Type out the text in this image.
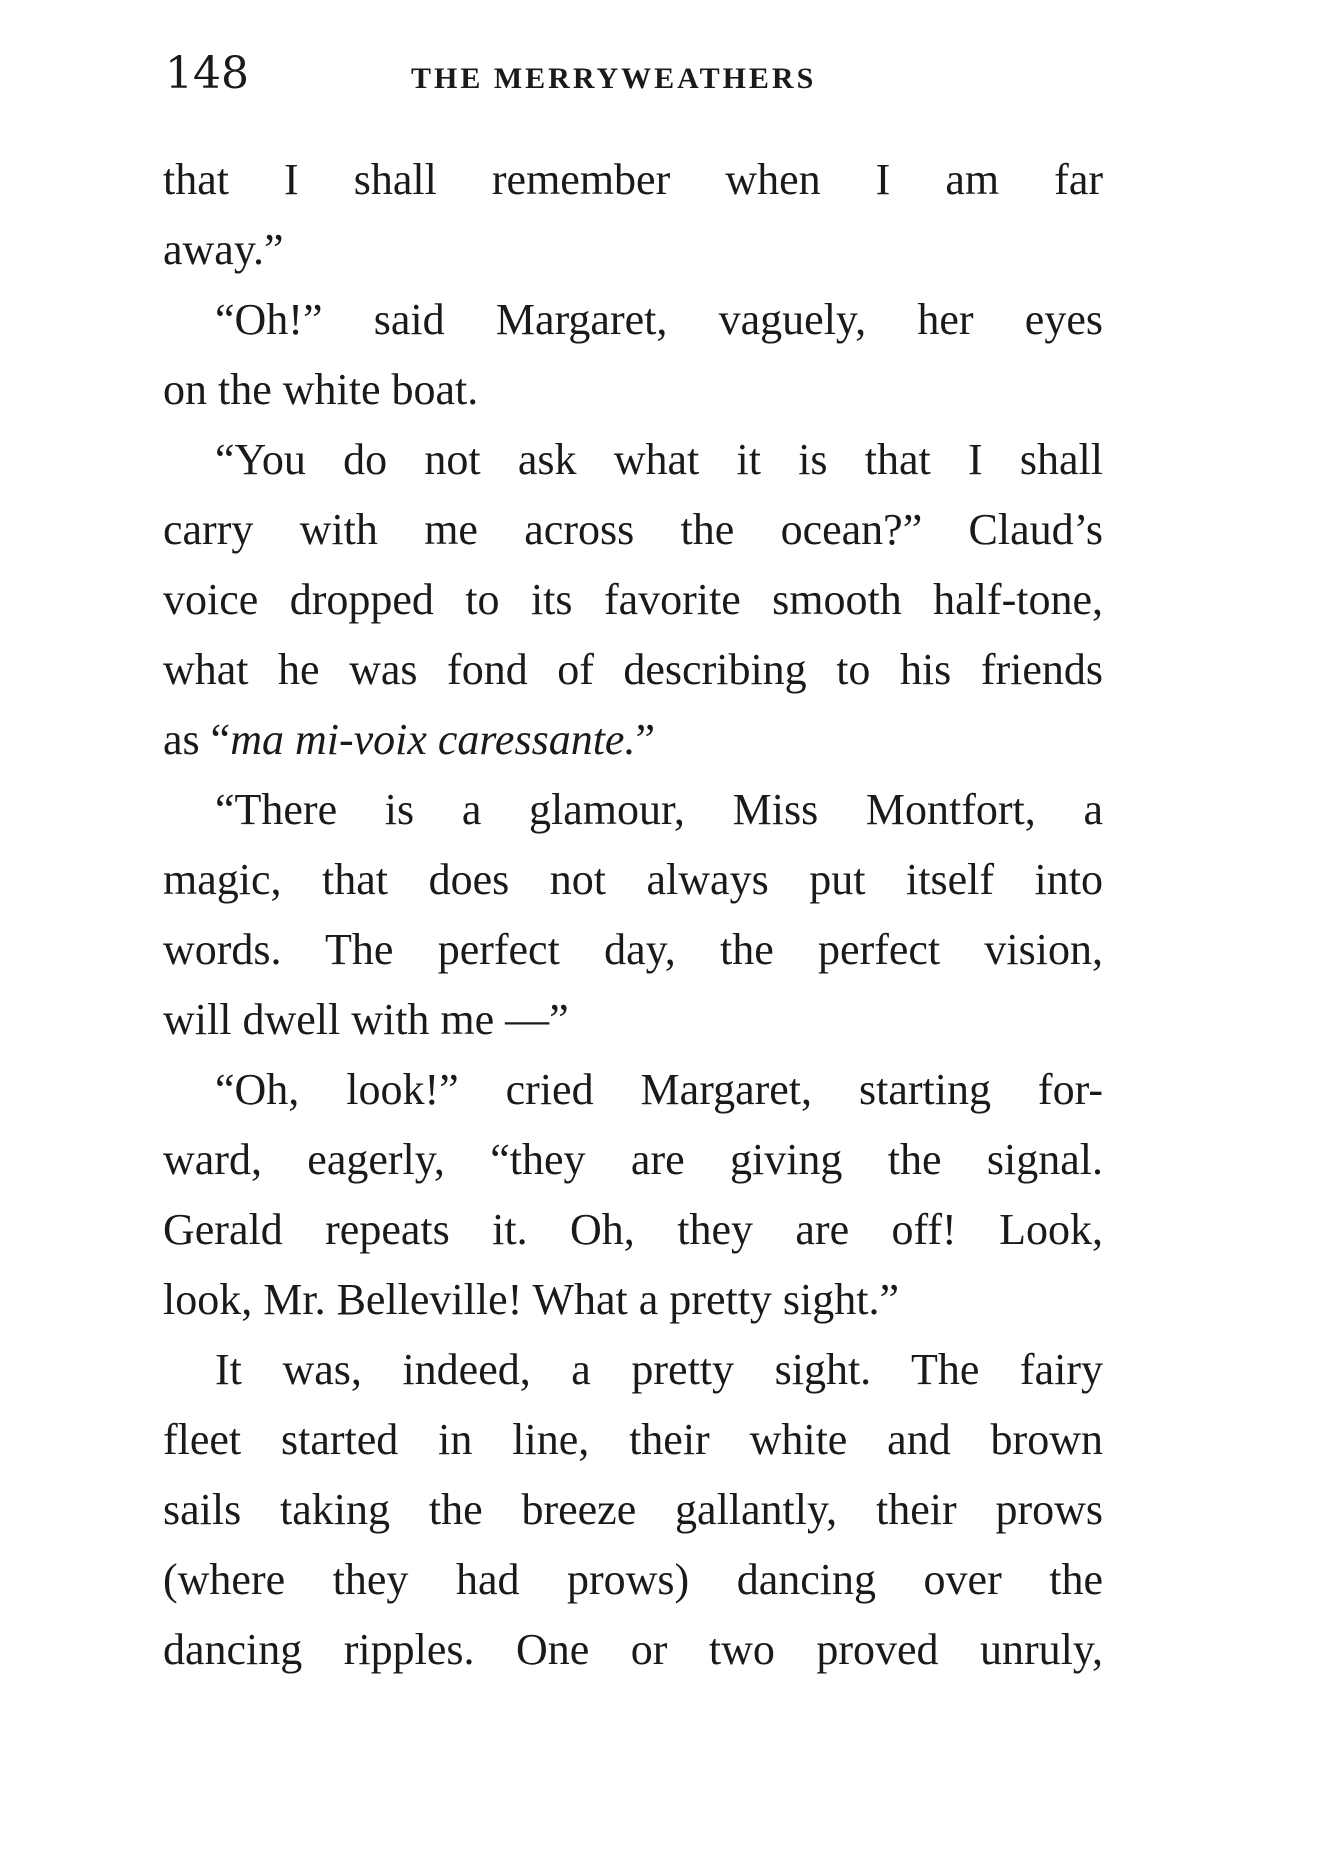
148	THE MERRYWEATHERS
that I shall remember when I am far
away.”
“Oh!” said Margaret, vaguely, her eyes
on the white boat.
“You do not ask what it is that I shall
carry with me across the ocean?” Claud’s
voice dropped to its favorite smooth half-tone,
what he was fond of describing to his friends
as “ma mi-voix caressante.”
“There is a glamour, Miss Montfort, a
magic, that does not always put itself into
words. The perfect day, the perfect vision,
will dwell with me —”
“Oh, look!” cried Margaret, starting for-
ward, eagerly, “they are giving the signal.
Gerald repeats it. Oh, they are off! Look,
look, Mr. Belleville! What a pretty sight.”
It was, indeed, a pretty sight. The fairy
fleet started in line, their white and brown
sails taking the breeze gallantly, their prows
(where they had prows) dancing over the
dancing ripples. One or two proved unruly,
